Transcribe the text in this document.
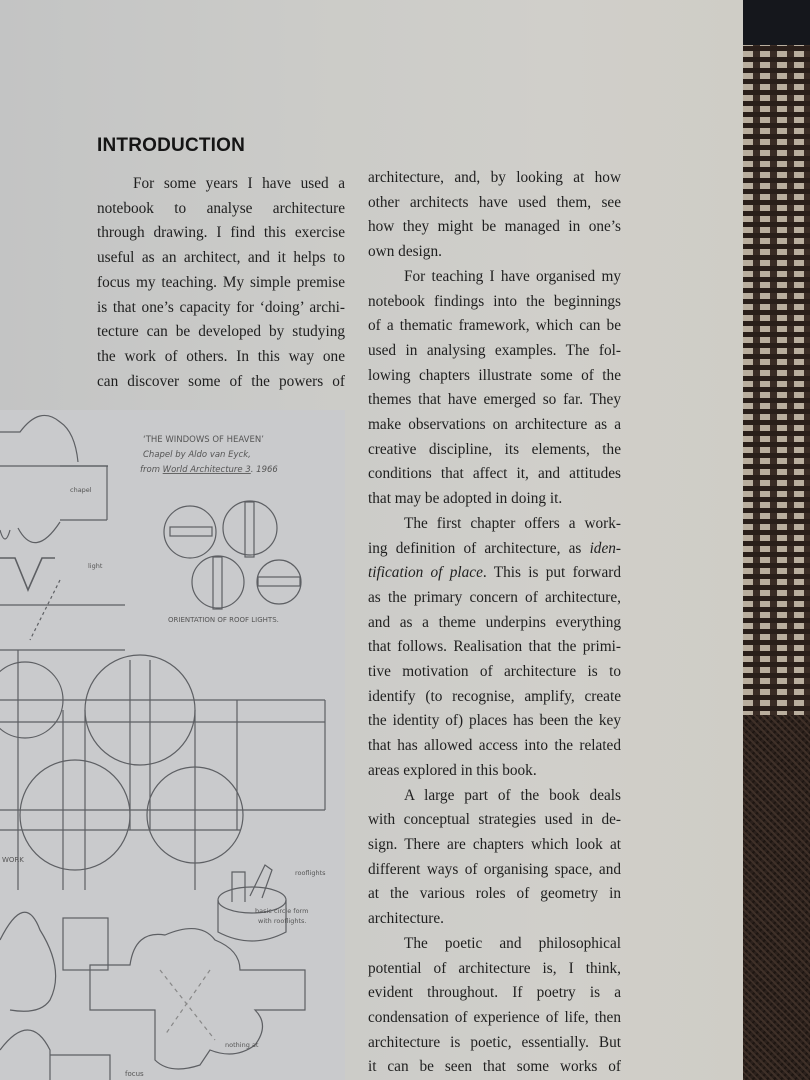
INTRODUCTION
For some years I have used a
notebook to analyse architecture
through drawing. I find this exercise
useful as an architect, and it helps to
focus my teaching. My simple premise
is that one’s capacity for ‘doing’ archi-
tecture can be developed by studying
the work of others. In this way one
can discover some of the powers of
architecture, and, by looking at how
other architects have used them, see
how they might be managed in one’s
own design.
For teaching I have organised my
notebook findings into the beginnings
of a thematic framework, which can be
used in analysing examples. The fol-
lowing chapters illustrate some of the
themes that have emerged so far. They
make observations on architecture as a
creative discipline, its elements, the
conditions that affect it, and attitudes
that may be adopted in doing it.
The first chapter offers a work-
ing definition of architecture, as iden-
tification of place. This is put forward
as the primary concern of architecture,
and as a theme underpins everything
that follows. Realisation that the primi-
tive motivation of architecture is to
identify (to recognise, amplify, create
the identity of) places has been the key
that has allowed access into the related
areas explored in this book.
A large part of the book deals
with conceptual strategies used in de-
sign. There are chapters which look at
different ways of organising space, and
at the various roles of geometry in
architecture.
The poetic and philosophical
potential of architecture is, I think,
evident throughout. If poetry is a
condensation of experience of life, then
architecture is poetic, essentially. But
it can be seen that some works of
‘THE WINDOWS OF HEAVEN’
Chapel by Aldo van Eyck,
from World Architecture 3. 1966
ORIENTATION OF ROOF LIGHTS.
chapel
light
rooflights
basic circle form
with rooflights.
nothing at
WORK
focus
